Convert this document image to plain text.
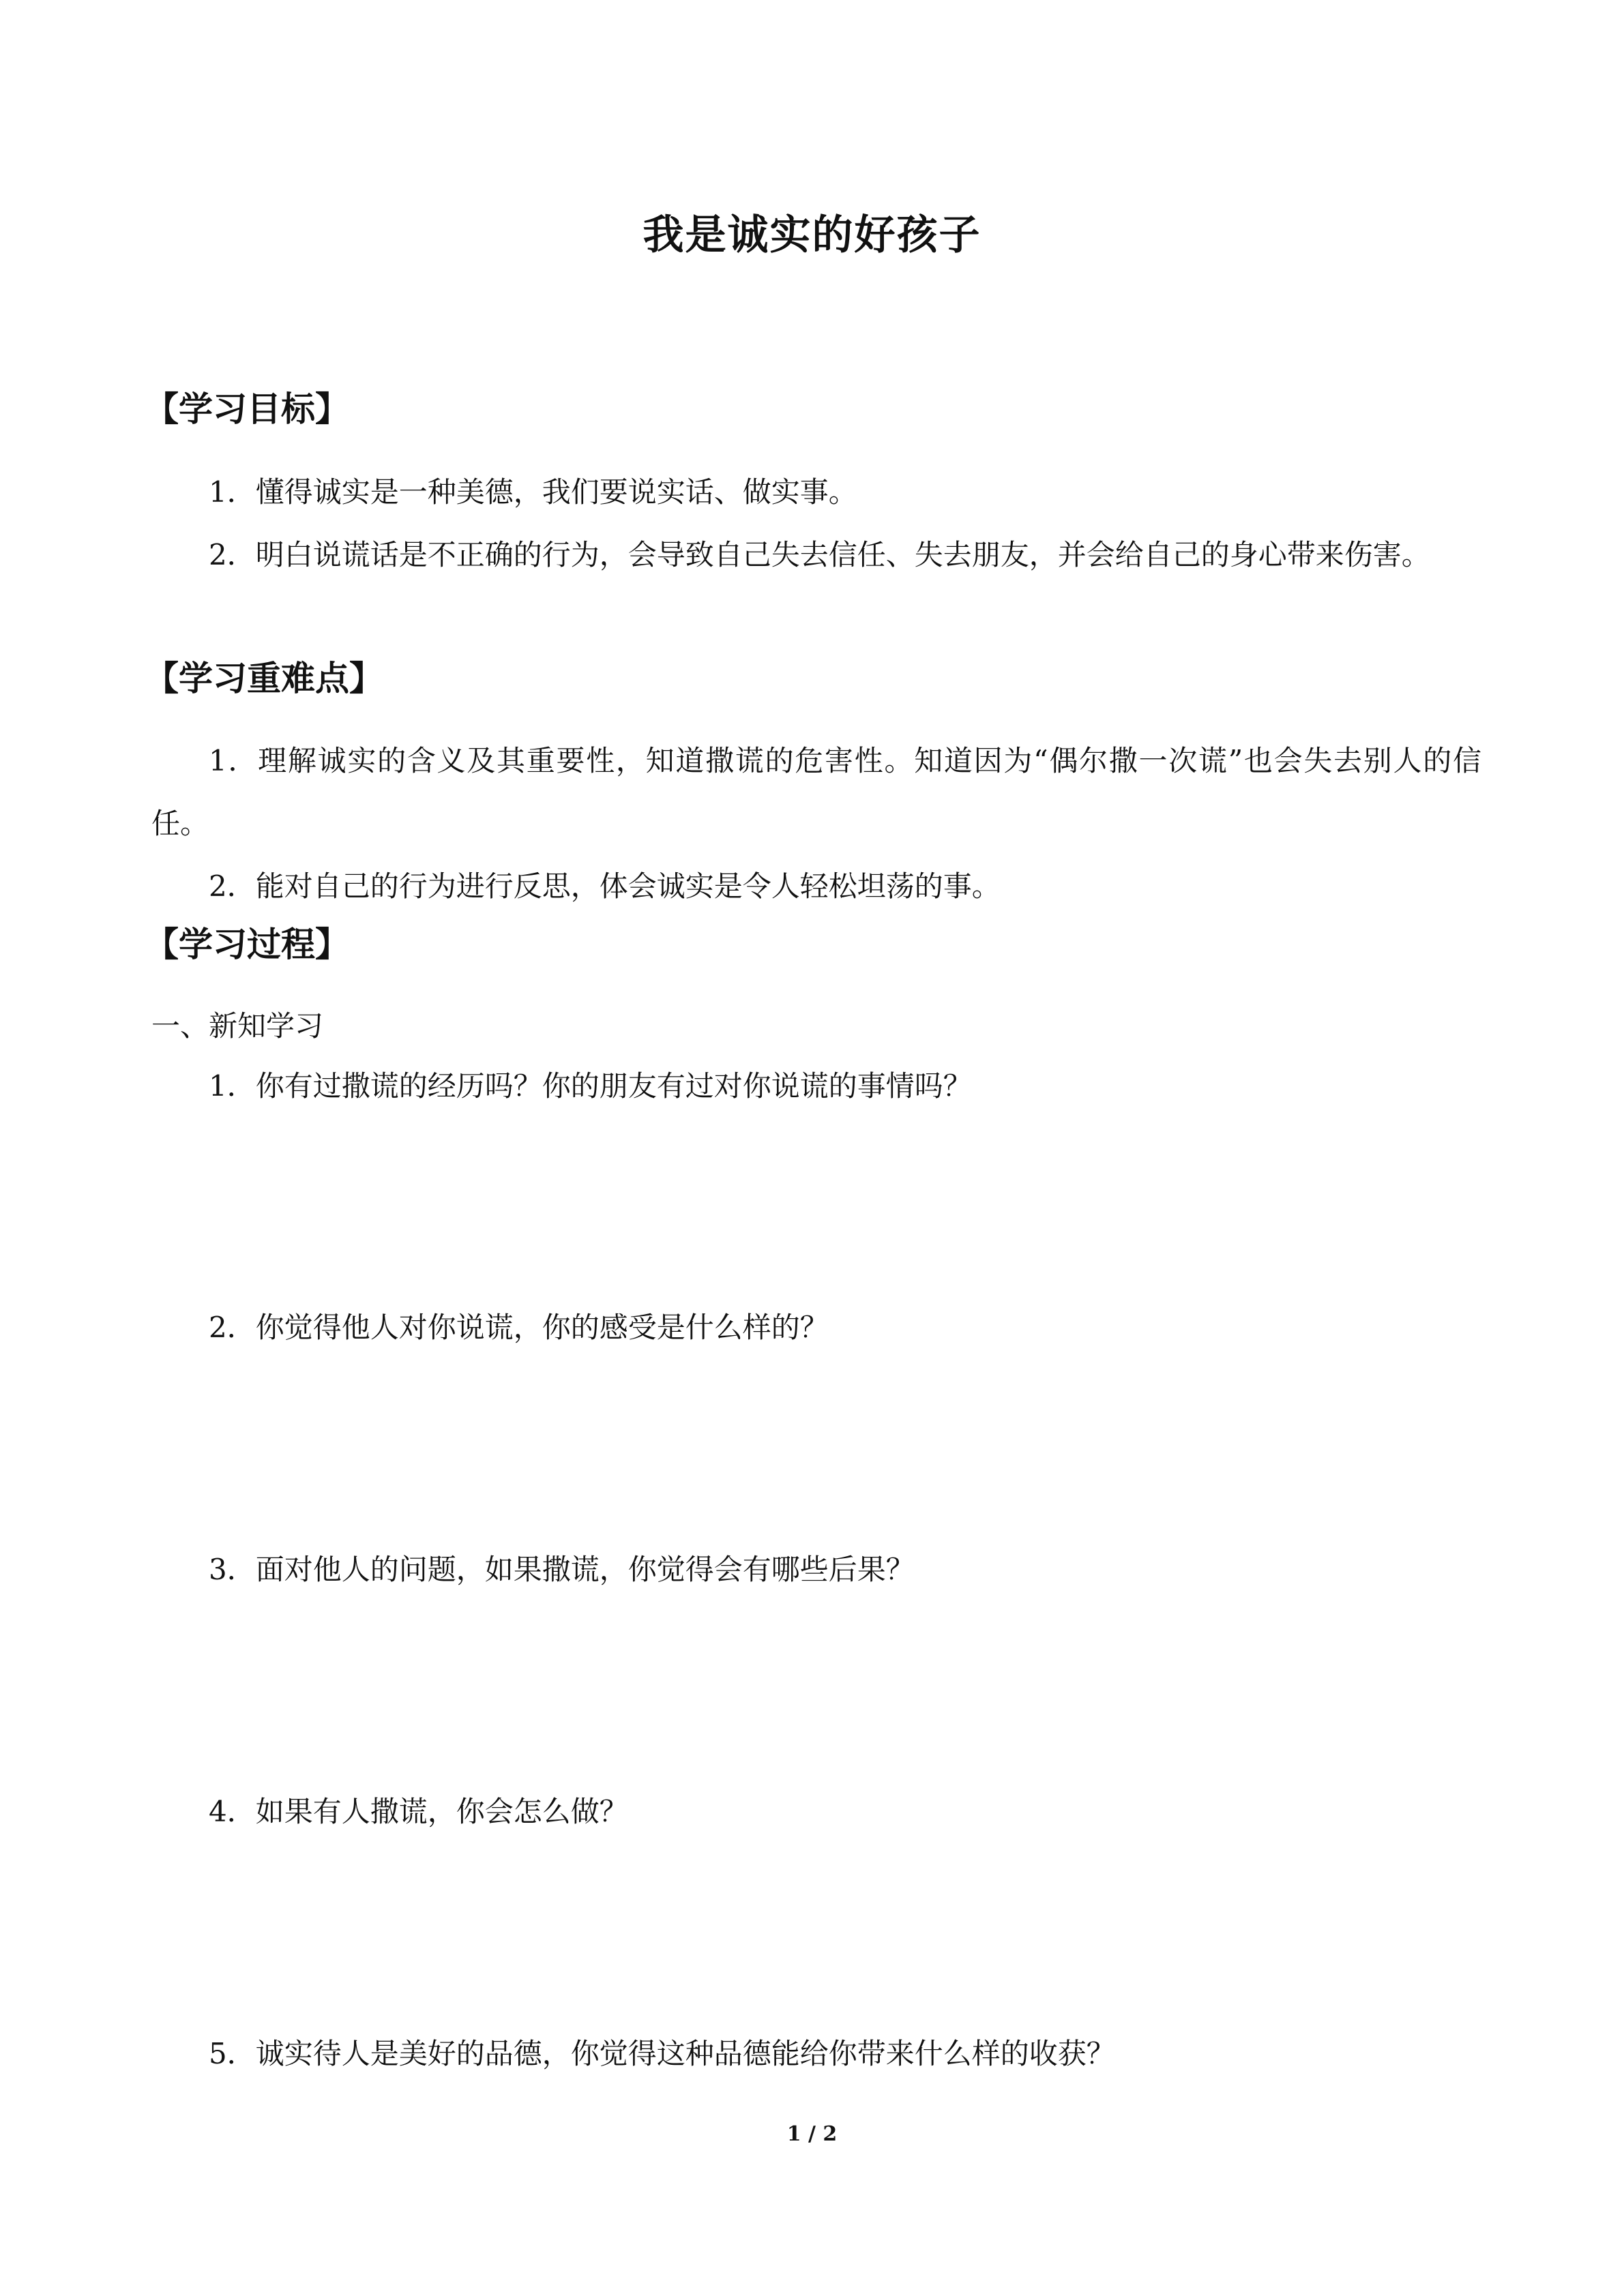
我是诚实的好孩子
【学习目标】
1．懂得诚实是一种美德，我们要说实话、做实事。
2．明白说谎话是不正确的行为，会导致自己失去信任、失去朋友，并会给自己的身心带来伤害。
【学习重难点】
1．理解诚实的含义及其重要性，知道撒谎的危害性。知道因为“偶尔撒一次谎”也会失去别人的信任。
2．能对自己的行为进行反思，体会诚实是令人轻松坦荡的事。
【学习过程】
一、新知学习
1．你有过撒谎的经历吗？你的朋友有过对你说谎的事情吗？
2．你觉得他人对你说谎，你的感受是什么样的？
3．面对他人的问题，如果撒谎，你觉得会有哪些后果？
4．如果有人撒谎，你会怎么做？
5．诚实待人是美好的品德，你觉得这种品德能给你带来什么样的收获？
1 / 2
